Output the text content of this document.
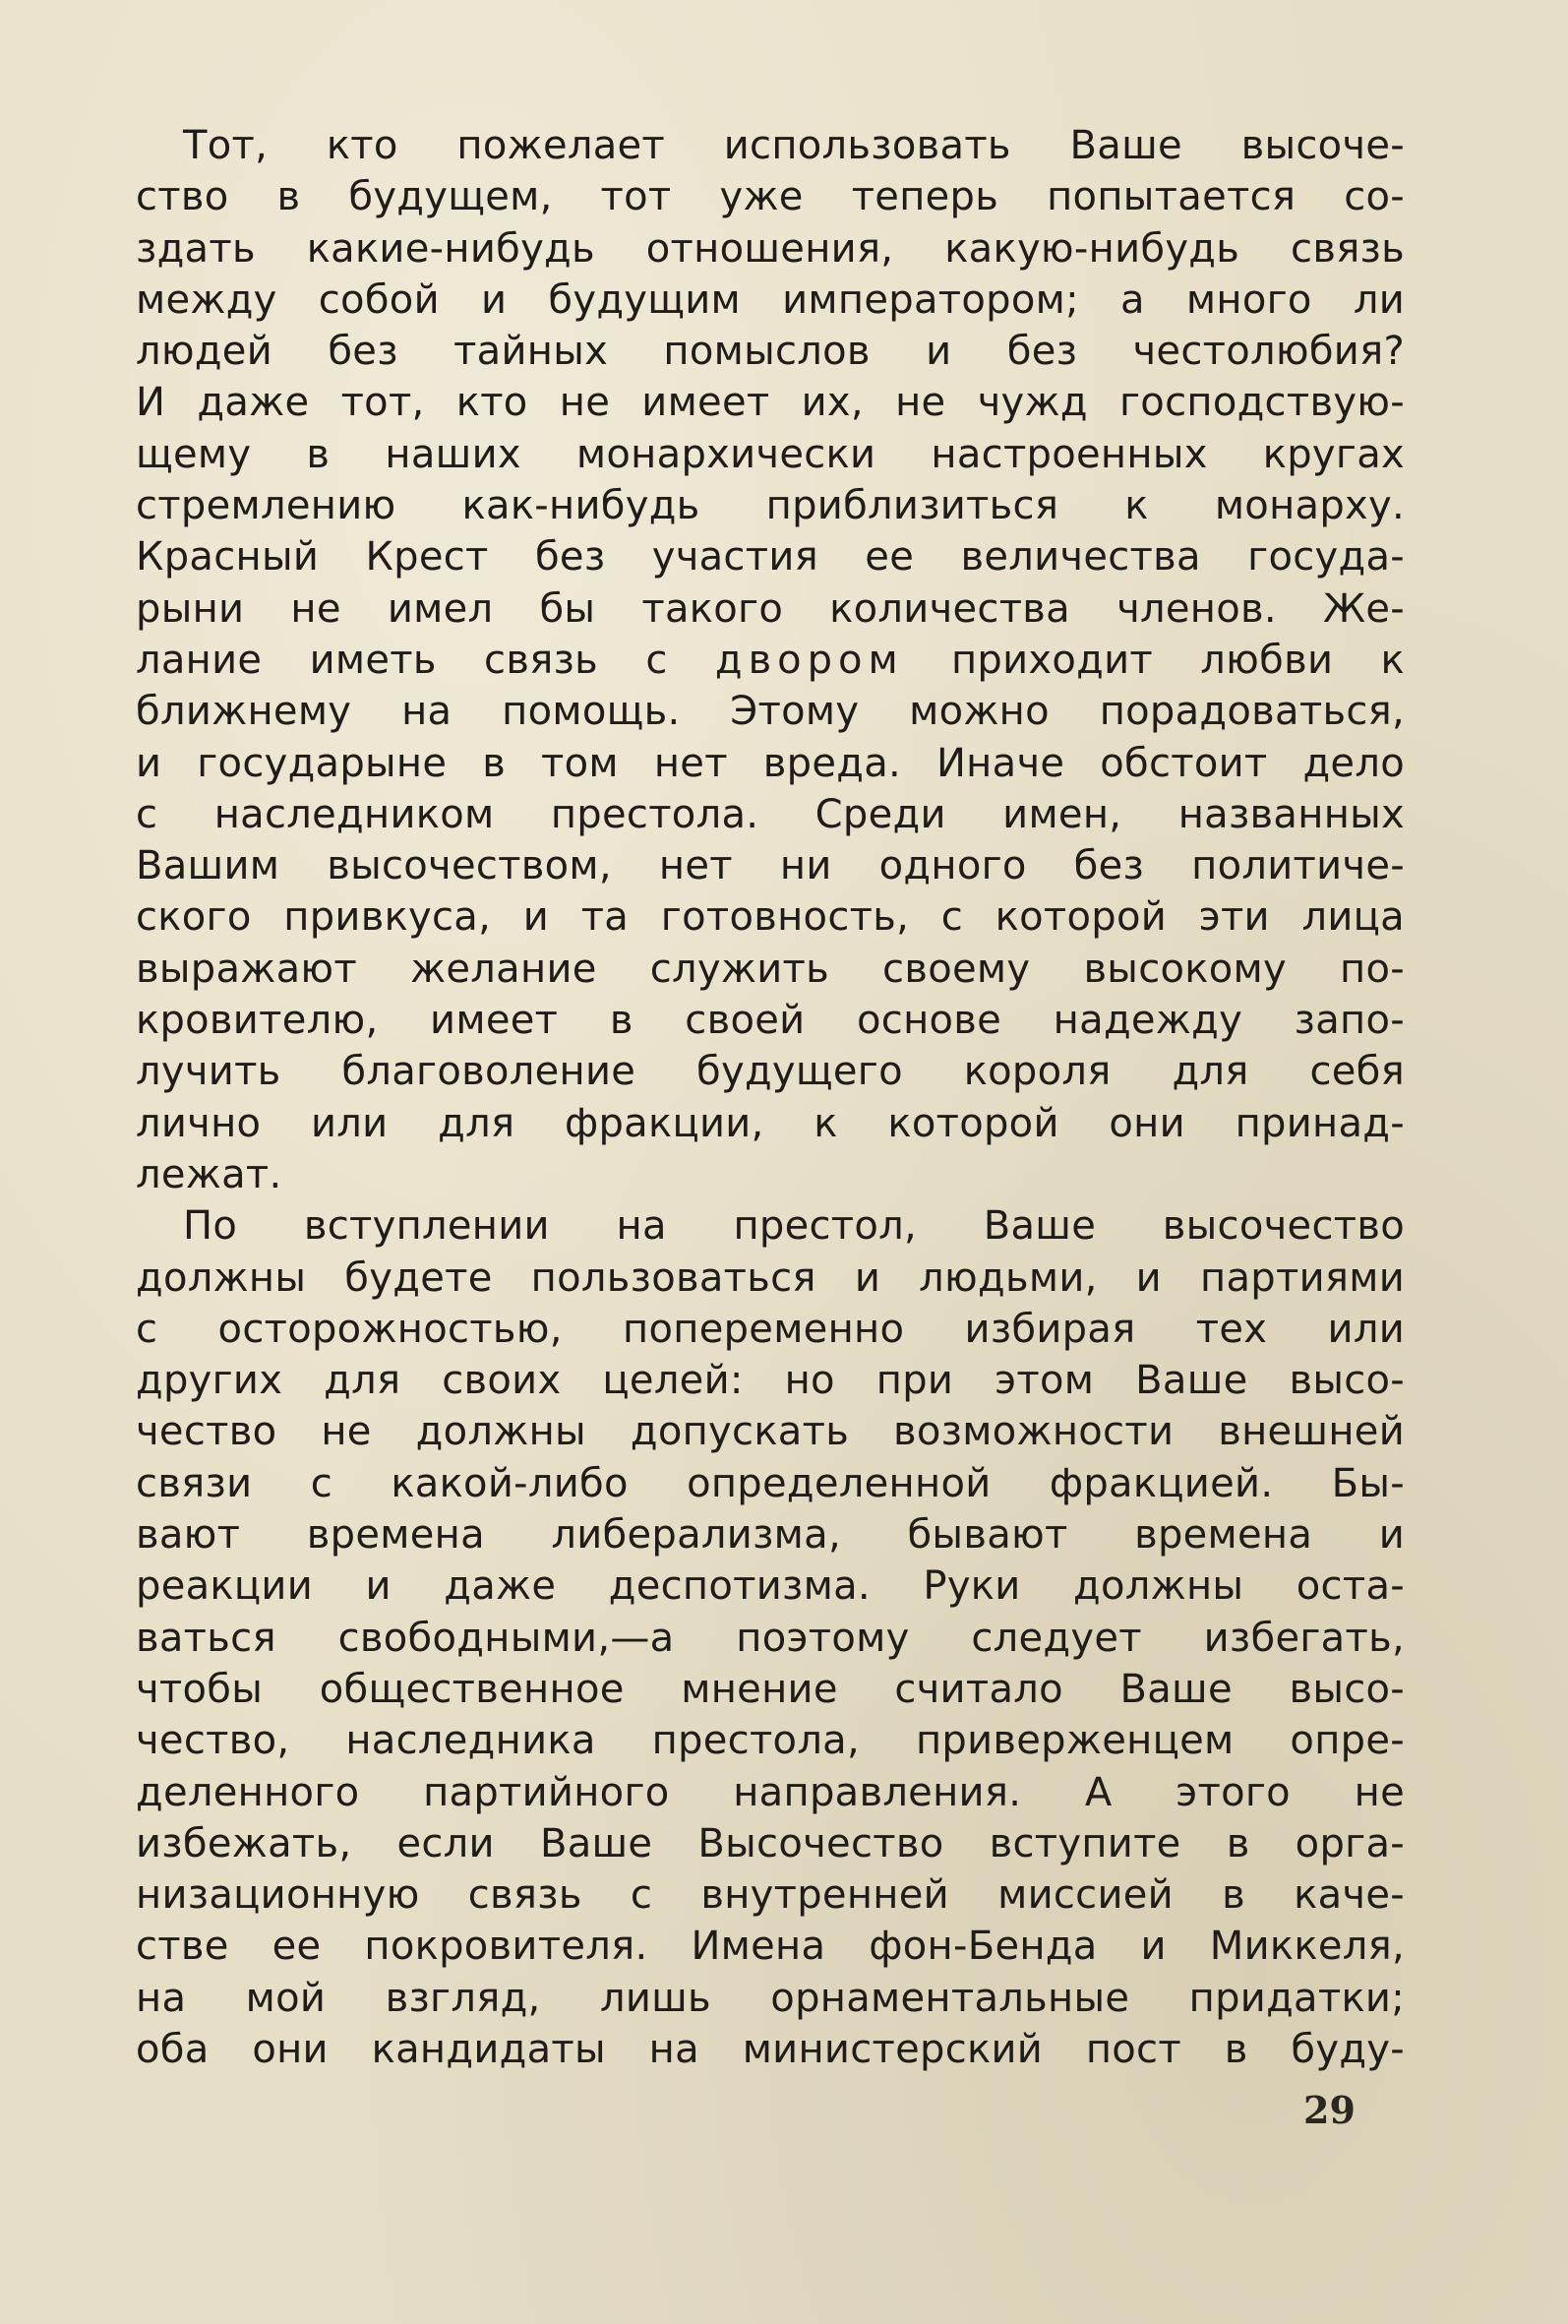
Тот, кто пожелает использовать Ваше высоче-
ство в будущем, тот уже теперь попытается со-
здать какие-нибудь отношения, какую-нибудь связь
между собой и будущим императором; а много ли
людей без тайных помыслов и без честолюбия?
И даже тот, кто не имеет их, не чужд господствую-
щему в наших монархически настроенных кругах
стремлению как-нибудь приблизиться к монарху.
Красный Крест без участия ее величества госуда-
рыни не имел бы такого количества членов. Же-
лание иметь связь с двором приходит любви к
ближнему на помощь. Этому можно порадоваться,
и государыне в том нет вреда. Иначе обстоит дело
с наследником престола. Среди имен, названных
Вашим высочеством, нет ни одного без политиче-
ского привкуса, и та готовность, с которой эти лица
выражают желание служить своему высокому по-
кровителю, имеет в своей основе надежду запо-
лучить благоволение будущего короля для себя
лично или для фракции, к которой они принад-
лежат.
По вступлении на престол, Ваше высочество
должны будете пользоваться и людьми, и партиями
с осторожностью, попеременно избирая тех или
других для своих целей: но при этом Ваше высо-
чество не должны допускать возможности внешней
связи с какой-либо определенной фракцией. Бы-
вают времена либерализма, бывают времена и
реакции и даже деспотизма. Руки должны оста-
ваться свободными,—а поэтому следует избегать,
чтобы общественное мнение считало Ваше высо-
чество, наследника престола, приверженцем опре-
деленного партийного направления. А этого не
избежать, если Ваше Высочество вступите в орга-
низационную связь с внутренней миссией в каче-
стве ее покровителя. Имена фон-Бенда и Миккеля,
на мой взгляд, лишь орнаментальные придатки;
оба они кандидаты на министерский пост в буду-
29
